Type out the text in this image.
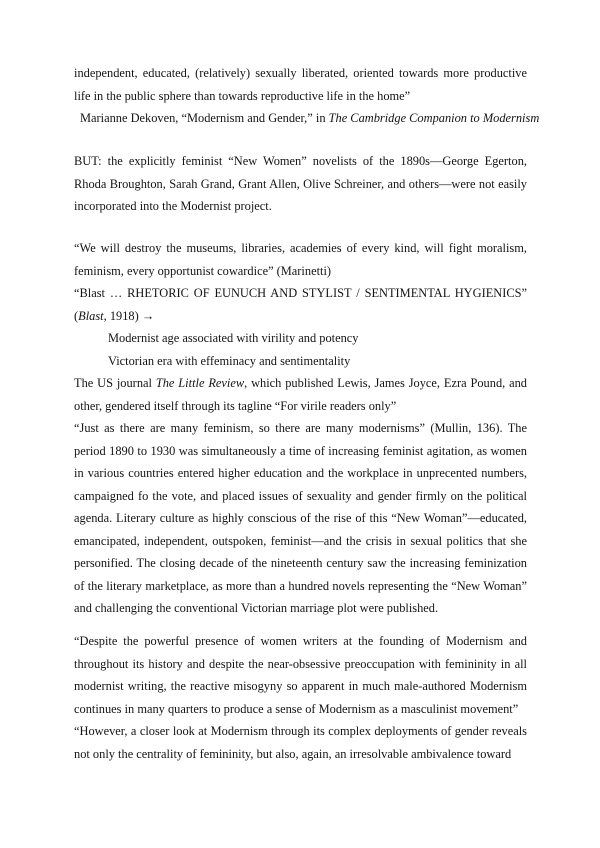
independent, educated, (relatively) sexually liberated, oriented towards more productive life in the public sphere than towards reproductive life in the home”

Marianne Dekoven, “Modernism and Gender,” in The Cambridge Companion to Modernism

BUT: the explicitly feminist “New Women” novelists of the 1890s—George Egerton, Rhoda Broughton, Sarah Grand, Grant Allen, Olive Schreiner, and others—were not easily incorporated into the Modernist project.

“We will destroy the museums, libraries, academies of every kind, will fight moralism, feminism, every opportunist cowardice” (Marinetti)

“Blast … RHETORIC OF EUNUCH AND STYLIST / SENTIMENTAL HYGIENICS” (Blast, 1918) →

Modernist age associated with virility and potency

Victorian era with effeminacy and sentimentality

The US journal The Little Review, which published Lewis, James Joyce, Ezra Pound, and other, gendered itself through its tagline “For virile readers only”

“Just as there are many feminism, so there are many modernisms” (Mullin, 136). The period 1890 to 1930 was simultaneously a time of increasing feminist agitation, as women in various countries entered higher education and the workplace in unprecented numbers, campaigned fo the vote, and placed issues of sexuality and gender firmly on the political agenda. Literary culture as highly conscious of the rise of this “New Woman”—educated, emancipated, independent, outspoken, feminist—and the crisis in sexual politics that she personified. The closing decade of the nineteenth century saw the increasing feminization of the literary marketplace, as more than a hundred novels representing the “New Woman” and challenging the conventional Victorian marriage plot were published.

“Despite the powerful presence of women writers at the founding of Modernism and throughout its history and despite the near-obsessive preoccupation with femininity in all modernist writing, the reactive misogyny so apparent in much male-authored Modernism continues in many quarters to produce a sense of Modernism as a masculinist movement”

“However, a closer look at Modernism through its complex deployments of gender reveals not only the centrality of femininity, but also, again, an irresolvable ambivalence toward
